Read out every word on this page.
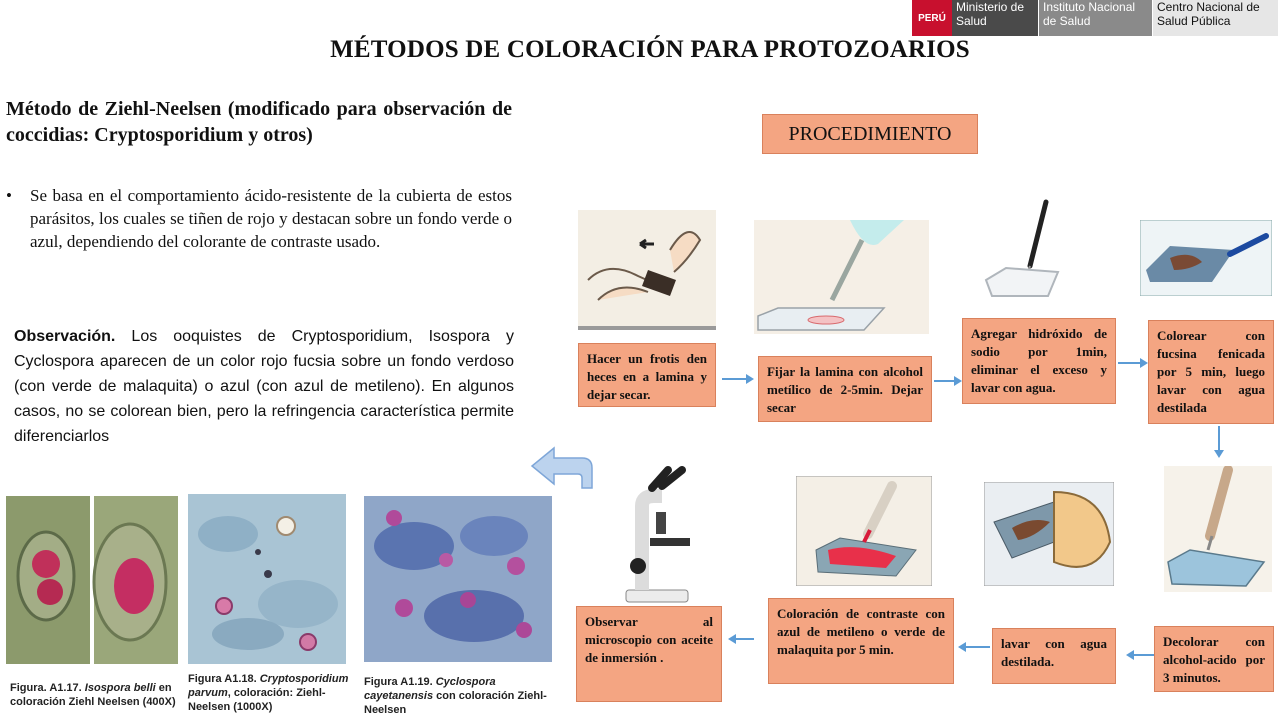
PERÚ
Ministerio de Salud
Instituto Nacional de Salud
Centro Nacional de Salud Pública
MÉTODOS DE COLORACIÓN PARA PROTOZOARIOS
Método de Ziehl-Neelsen (modificado para observación de coccidias: Cryptosporidium y otros)
•	Se basa en el comportamiento ácido-resistente de la cubierta de estos parásitos, los cuales se tiñen de rojo y destacan sobre un fondo verde o azul, dependiendo del colorante de contraste usado.
Observación. Los ooquistes de Cryptosporidium, Isospora y Cyclospora aparecen de un color rojo fucsia sobre un fondo verdoso (con verde de malaquita) o azul (con azul de metileno). En algunos casos, no se colorean bien, pero la refringencia característica permite diferenciarlos
Figura. A1.17. Isospora belli en coloración Ziehl Neelsen (400X)
Figura A1.18. Cryptosporidium parvum, coloración: Ziehl-Neelsen (1000X)
Figura A1.19. Cyclospora cayetanensis con coloración Ziehl-Neelsen
PROCEDIMIENTO
Hacer un frotis den heces en a lamina y dejar secar.
Fijar la lamina con alcohol metílico de 2-5min. Dejar secar
Agregar hidróxido de sodio por 1min, eliminar el exceso y lavar con agua.
Colorear con fucsina fenicada por 5 min, luego lavar con agua destilada
Decolorar con alcohol-acido por 3 minutos.
lavar con agua destilada.
Coloración de contraste con azul de metileno o verde de malaquita por 5 min.
Observar al microscopio con aceite de inmersión .
